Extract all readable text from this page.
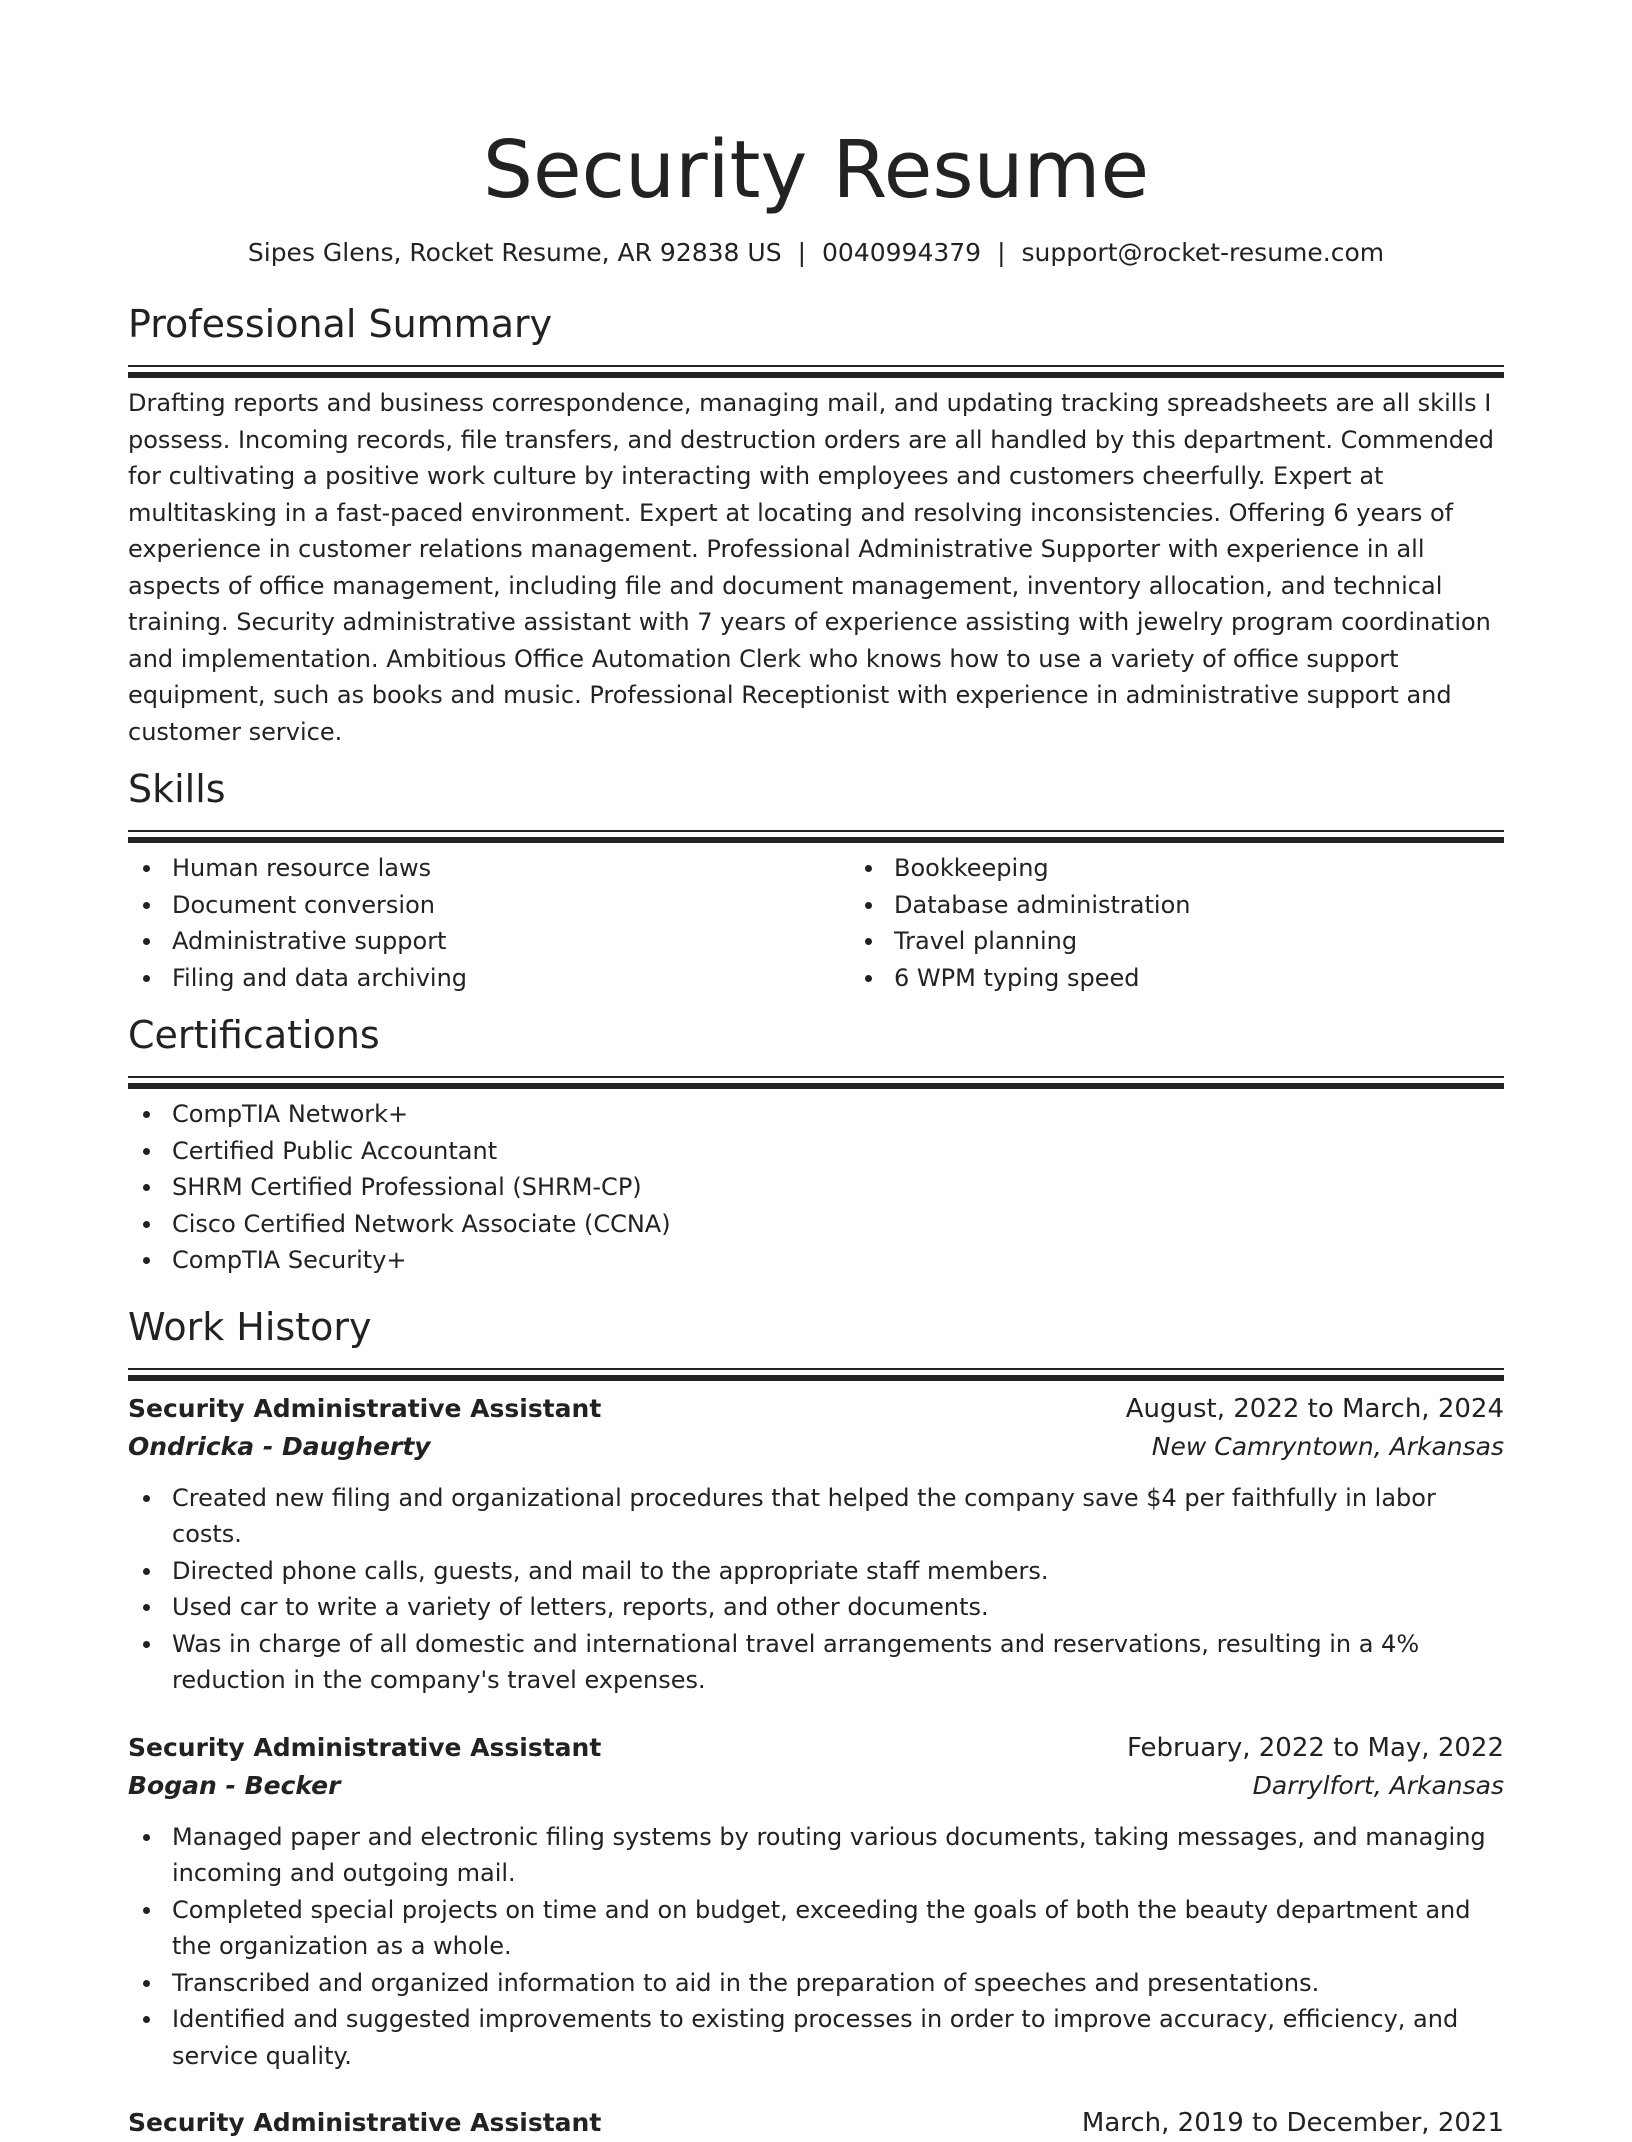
Security Resume
Sipes Glens, Rocket Resume, AR 92838 US | 0040994379 | support@rocket-resume.com
Professional Summary
Drafting reports and business correspondence, managing mail, and updating tracking spreadsheets are all skills I possess. Incoming records, file transfers, and destruction orders are all handled by this department. Commended for cultivating a positive work culture by interacting with employees and customers cheerfully. Expert at multitasking in a fast-paced environment. Expert at locating and resolving inconsistencies. Offering 6 years of experience in customer relations management. Professional Administrative Supporter with experience in all aspects of office management, including file and document management, inventory allocation, and technical training. Security administrative assistant with 7 years of experience assisting with jewelry program coordination and implementation. Ambitious Office Automation Clerk who knows how to use a variety of office support equipment, such as books and music. Professional Receptionist with experience in administrative support and customer service.
Skills
Human resource laws
Document conversion
Administrative support
Filing and data archiving
Bookkeeping
Database administration
Travel planning
6 WPM typing speed
Certifications
CompTIA Network+
Certified Public Accountant
SHRM Certified Professional (SHRM-CP)
Cisco Certified Network Associate (CCNA)
CompTIA Security+
Work History
Security Administrative Assistant	August, 2022 to March, 2024
Ondricka - Daugherty	New Camryntown, Arkansas
Created new filing and organizational procedures that helped the company save $4 per faithfully in labor costs.
Directed phone calls, guests, and mail to the appropriate staff members.
Used car to write a variety of letters, reports, and other documents.
Was in charge of all domestic and international travel arrangements and reservations, resulting in a 4% reduction in the company's travel expenses.
Security Administrative Assistant	February, 2022 to May, 2022
Bogan - Becker	Darrylfort, Arkansas
Managed paper and electronic filing systems by routing various documents, taking messages, and managing incoming and outgoing mail.
Completed special projects on time and on budget, exceeding the goals of both the beauty department and the organization as a whole.
Transcribed and organized information to aid in the preparation of speeches and presentations.
Identified and suggested improvements to existing processes in order to improve accuracy, efficiency, and service quality.
Security Administrative Assistant	March, 2019 to December, 2021
